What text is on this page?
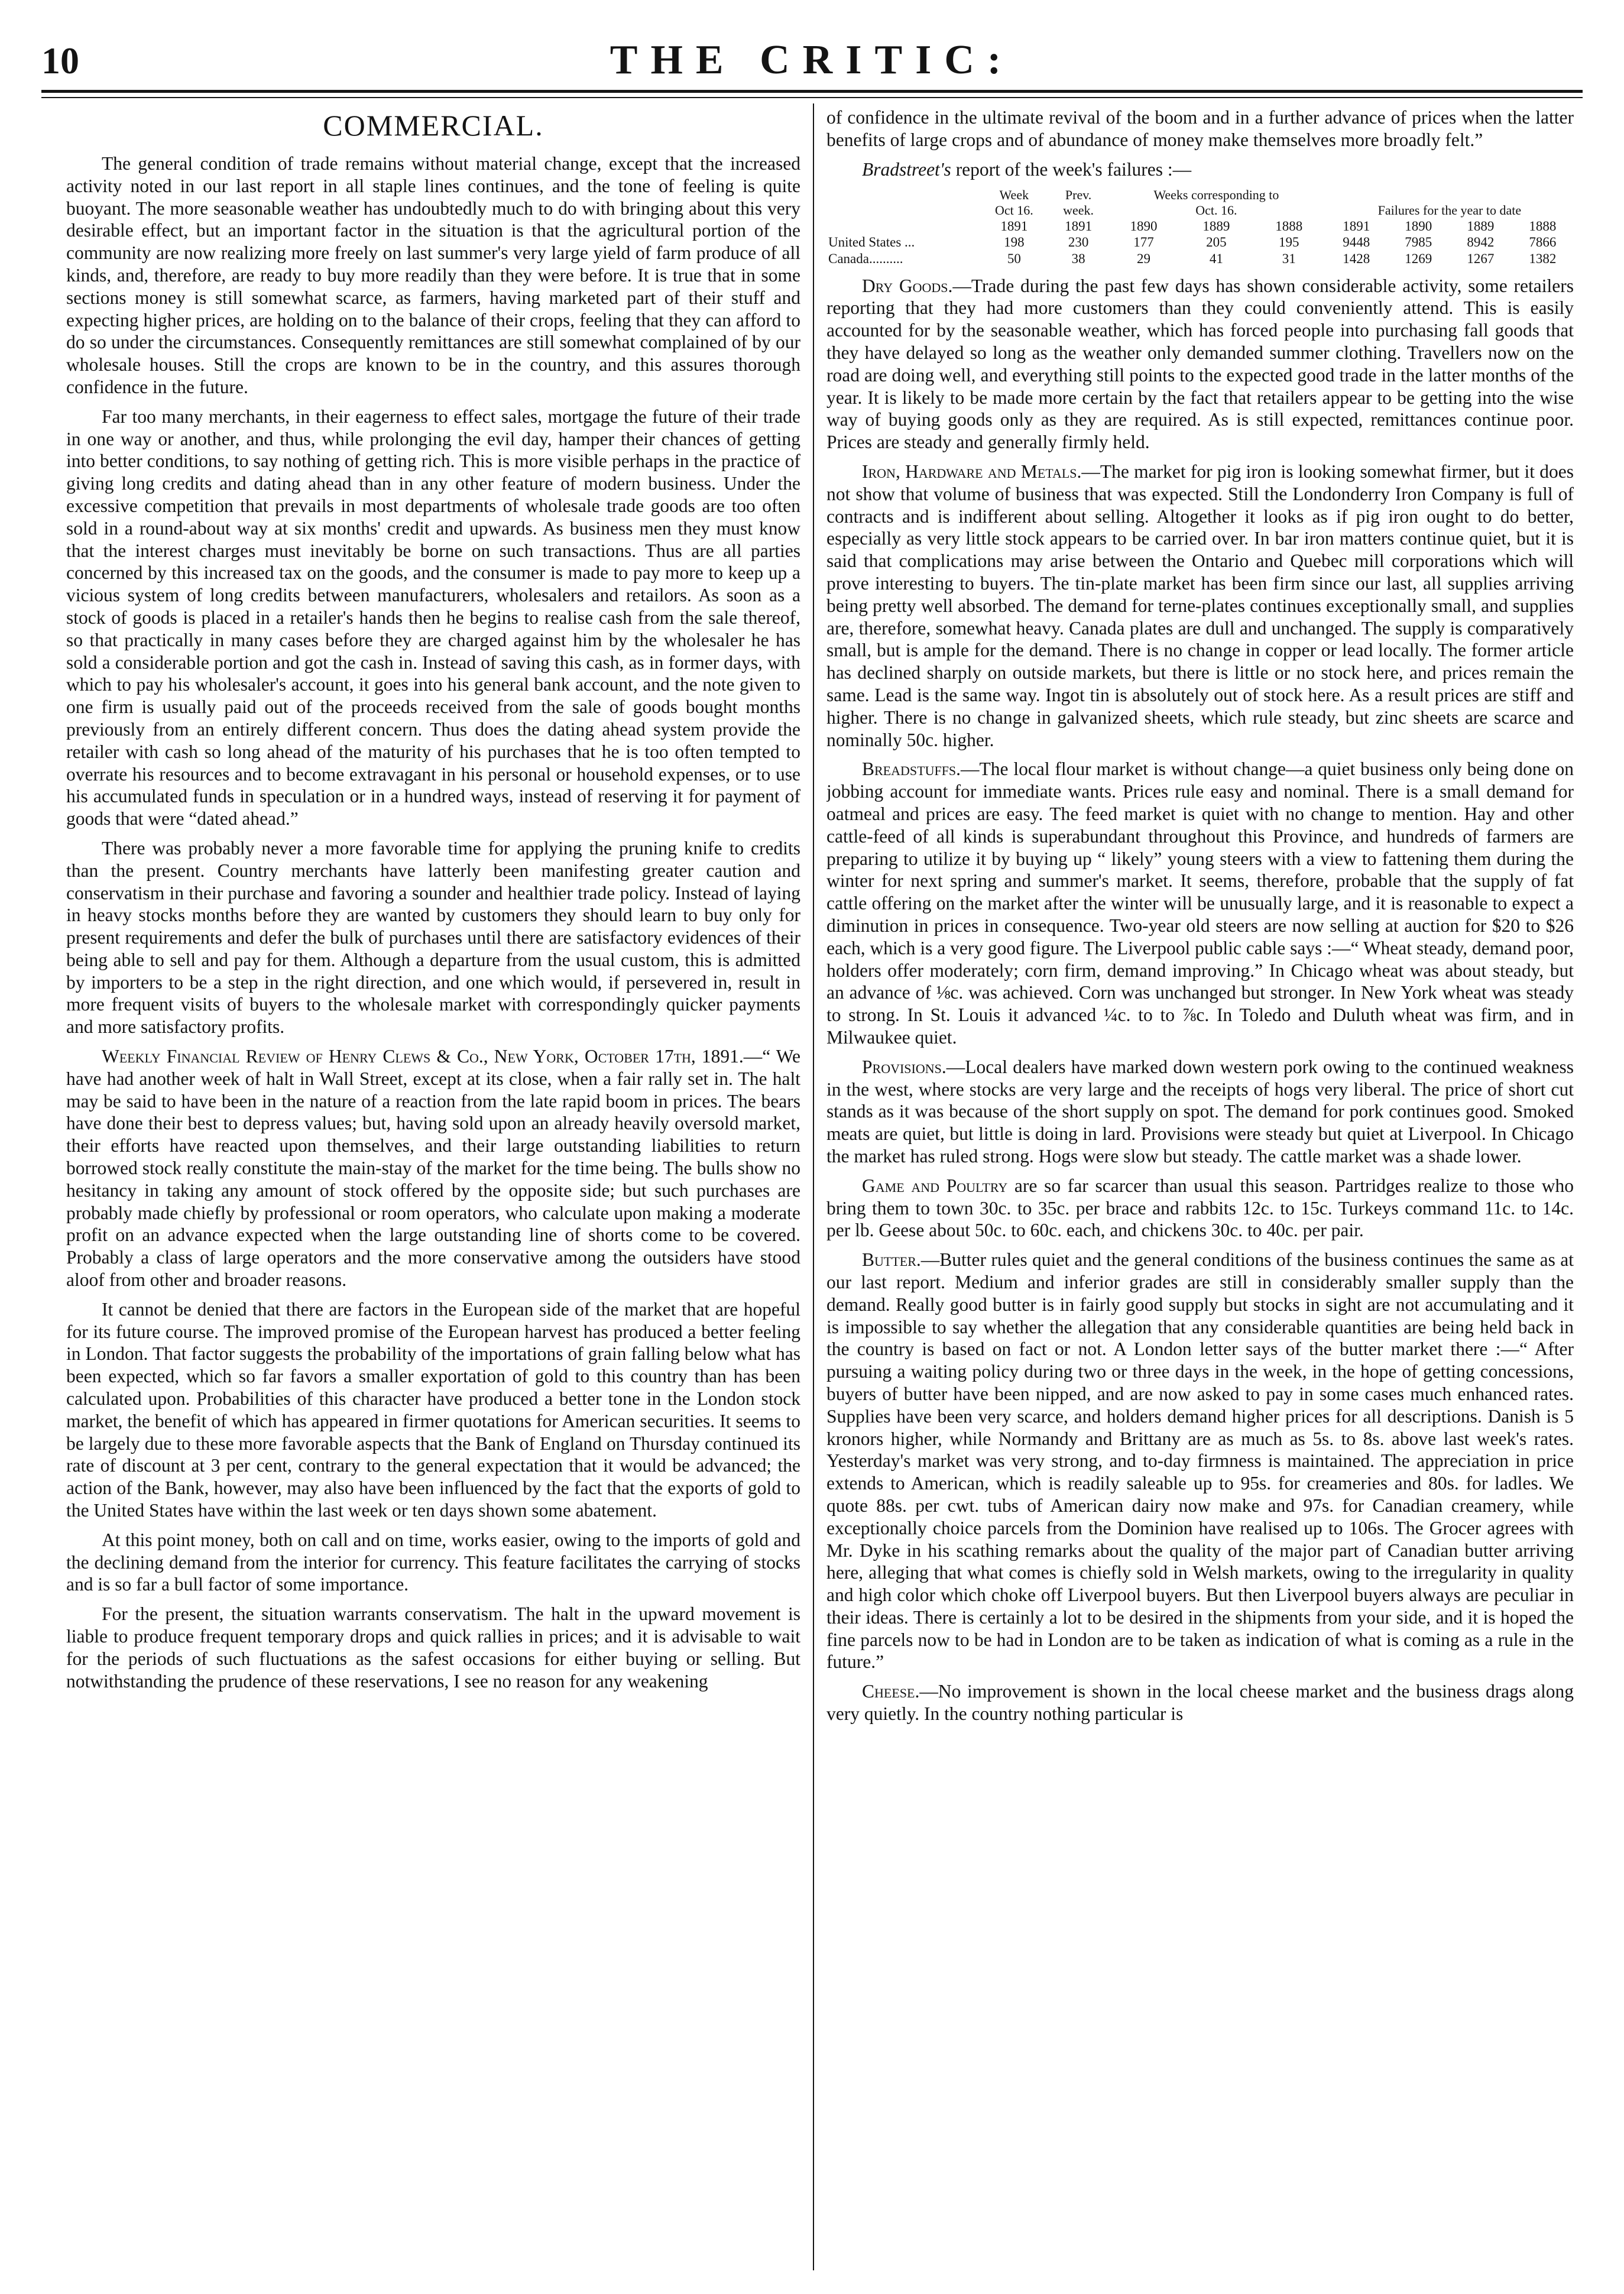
10	THE CRITIC:
COMMERCIAL.

The general condition of trade remains without material change, except that the increased activity noted in our last report in all staple lines continues, and the tone of feeling is quite buoyant. The more seasonable weather has undoubtedly much to do with bringing about this very desirable effect, but an important factor in the situation is that the agricultural portion of the community are now realizing more freely on last summer's very large yield of farm produce of all kinds, and, therefore, are ready to buy more readily than they were before. It is true that in some sections money is still somewhat scarce, as farmers, having marketed part of their stuff and expecting higher prices, are holding on to the balance of their crops, feeling that they can afford to do so under the circumstances. Consequently remittances are still somewhat complained of by our wholesale houses. Still the crops are known to be in the country, and this assures thorough confidence in the future.

Far too many merchants, in their eagerness to effect sales, mortgage the future of their trade in one way or another, and thus, while prolonging the evil day, hamper their chances of getting into better conditions, to say nothing of getting rich. This is more visible perhaps in the practice of giving long credits and dating ahead than in any other feature of modern business. Under the excessive competition that prevails in most departments of wholesale trade goods are too often sold in a round-about way at six months' credit and upwards. As business men they must know that the interest charges must inevitably be borne on such transactions. Thus are all parties concerned by this increased tax on the goods, and the consumer is made to pay more to keep up a vicious system of long credits between manufacturers, wholesalers and retailors. As soon as a stock of goods is placed in a retailer's hands then he begins to realise cash from the sale thereof, so that practically in many cases before they are charged against him by the wholesaler he has sold a considerable portion and got the cash in. Instead of saving this cash, as in former days, with which to pay his wholesaler's account, it goes into his general bank account, and the note given to one firm is usually paid out of the proceeds received from the sale of goods bought months previously from an entirely different concern. Thus does the dating ahead system provide the retailer with cash so long ahead of the maturity of his purchases that he is too often tempted to overrate his resources and to become extravagant in his personal or household expenses, or to use his accumulated funds in speculation or in a hundred ways, instead of reserving it for payment of goods that were “dated ahead.”

There was probably never a more favorable time for applying the pruning knife to credits than the present. Country merchants have latterly been manifesting greater caution and conservatism in their purchase and favoring a sounder and healthier trade policy. Instead of laying in heavy stocks months before they are wanted by customers they should learn to buy only for present requirements and defer the bulk of purchases until there are satisfactory evidences of their being able to sell and pay for them. Although a departure from the usual custom, this is admitted by importers to be a step in the right direction, and one which would, if persevered in, result in more frequent visits of buyers to the wholesale market with correspondingly quicker payments and more satisfactory profits.

Weekly Financial Review of Henry Clews & Co., New York, October 17th, 1891.—“ We have had another week of halt in Wall Street, except at its close, when a fair rally set in. The halt may be said to have been in the nature of a reaction from the late rapid boom in prices. The bears have done their best to depress values; but, having sold upon an already heavily oversold market, their efforts have reacted upon themselves, and their large outstanding liabilities to return borrowed stock really constitute the main-stay of the market for the time being. The bulls show no hesitancy in taking any amount of stock offered by the opposite side; but such purchases are probably made chiefly by professional or room operators, who calculate upon making a moderate profit on an advance expected when the large outstanding line of shorts come to be covered. Probably a class of large operators and the more conservative among the outsiders have stood aloof from other and broader reasons.

It cannot be denied that there are factors in the European side of the market that are hopeful for its future course. The improved promise of the European harvest has produced a better feeling in London. That factor suggests the probability of the importations of grain falling below what has been expected, which so far favors a smaller exportation of gold to this country than has been calculated upon. Probabilities of this character have produced a better tone in the London stock market, the benefit of which has appeared in firmer quotations for American securities. It seems to be largely due to these more favorable aspects that the Bank of England on Thursday continued its rate of discount at 3 per cent, contrary to the general expectation that it would be advanced; the action of the Bank, however, may also have been influenced by the fact that the exports of gold to the United States have within the last week or ten days shown some abatement.

At this point money, both on call and on time, works easier, owing to the imports of gold and the declining demand from the interior for currency. This feature facilitates the carrying of stocks and is so far a bull factor of some importance.

For the present, the situation warrants conservatism. The halt in the upward movement is liable to produce frequent temporary drops and quick rallies in prices; and it is advisable to wait for the periods of such fluctuations as the safest occasions for either buying or selling. But notwithstanding the prudence of these reservations, I see no reason for any weakening

of confidence in the ultimate revival of the boom and in a further advance of prices when the latter benefits of large crops and of abundance of money make themselves more broadly felt.”

Bradstreet's report of the week's failures :—

	Week	Prev.	Weeks corresponding to						
	Oct 16.	week.	Oct. 16.			Failures for the year to date			
	1891	1891	1890	1889	1888	1891	1890	1889	1888
United States ...	198	230	177	205	195	9448	7985	8942	7866
Canada..........	50	38	29	41	31	1428	1269	1267	1382

Dry Goods.—Trade during the past few days has shown considerable activity, some retailers reporting that they had more customers than they could conveniently attend. This is easily accounted for by the seasonable weather, which has forced people into purchasing fall goods that they have delayed so long as the weather only demanded summer clothing. Travellers now on the road are doing well, and everything still points to the expected good trade in the latter months of the year. It is likely to be made more certain by the fact that retailers appear to be getting into the wise way of buying goods only as they are required. As is still expected, remittances continue poor. Prices are steady and generally firmly held.

Iron, Hardware and Metals.—The market for pig iron is looking somewhat firmer, but it does not show that volume of business that was expected. Still the Londonderry Iron Company is full of contracts and is indifferent about selling. Altogether it looks as if pig iron ought to do better, especially as very little stock appears to be carried over. In bar iron matters continue quiet, but it is said that complications may arise between the Ontario and Quebec mill corporations which will prove interesting to buyers. The tin-plate market has been firm since our last, all supplies arriving being pretty well absorbed. The demand for terne-plates continues exceptionally small, and supplies are, therefore, somewhat heavy. Canada plates are dull and unchanged. The supply is comparatively small, but is ample for the demand. There is no change in copper or lead locally. The former article has declined sharply on outside markets, but there is little or no stock here, and prices remain the same. Lead is the same way. Ingot tin is absolutely out of stock here. As a result prices are stiff and higher. There is no change in galvanized sheets, which rule steady, but zinc sheets are scarce and nominally 50c. higher.

Breadstuffs.—The local flour market is without change—a quiet business only being done on jobbing account for immediate wants. Prices rule easy and nominal. There is a small demand for oatmeal and prices are easy. The feed market is quiet with no change to mention. Hay and other cattle-feed of all kinds is superabundant throughout this Province, and hundreds of farmers are preparing to utilize it by buying up “ likely” young steers with a view to fattening them during the winter for next spring and summer's market. It seems, therefore, probable that the supply of fat cattle offering on the market after the winter will be unusually large, and it is reasonable to expect a diminution in prices in consequence. Two-year old steers are now selling at auction for $20 to $26 each, which is a very good figure. The Liverpool public cable says :—“ Wheat steady, demand poor, holders offer moderately; corn firm, demand improving.” In Chicago wheat was about steady, but an advance of ⅛c. was achieved. Corn was unchanged but stronger. In New York wheat was steady to strong. In St. Louis it advanced ¼c. to to ⅞c. In Toledo and Duluth wheat was firm, and in Milwaukee quiet.

Provisions.—Local dealers have marked down western pork owing to the continued weakness in the west, where stocks are very large and the receipts of hogs very liberal. The price of short cut stands as it was because of the short supply on spot. The demand for pork continues good. Smoked meats are quiet, but little is doing in lard. Provisions were steady but quiet at Liverpool. In Chicago the market has ruled strong. Hogs were slow but steady. The cattle market was a shade lower.

Game and Poultry are so far scarcer than usual this season. Partridges realize to those who bring them to town 30c. to 35c. per brace and rabbits 12c. to 15c. Turkeys command 11c. to 14c. per lb. Geese about 50c. to 60c. each, and chickens 30c. to 40c. per pair.

Butter.—Butter rules quiet and the general conditions of the business continues the same as at our last report. Medium and inferior grades are still in considerably smaller supply than the demand. Really good butter is in fairly good supply but stocks in sight are not accumulating and it is impossible to say whether the allegation that any considerable quantities are being held back in the country is based on fact or not. A London letter says of the butter market there :—“ After pursuing a waiting policy during two or three days in the week, in the hope of getting concessions, buyers of butter have been nipped, and are now asked to pay in some cases much enhanced rates. Supplies have been very scarce, and holders demand higher prices for all descriptions. Danish is 5 kronors higher, while Normandy and Brittany are as much as 5s. to 8s. above last week's rates. Yesterday's market was very strong, and to-day firmness is maintained. The appreciation in price extends to American, which is readily saleable up to 95s. for creameries and 80s. for ladles. We quote 88s. per cwt. tubs of American dairy now make and 97s. for Canadian creamery, while exceptionally choice parcels from the Dominion have realised up to 106s. The Grocer agrees with Mr. Dyke in his scathing remarks about the quality of the major part of Canadian butter arriving here, alleging that what comes is chiefly sold in Welsh markets, owing to the irregularity in quality and high color which choke off Liverpool buyers. But then Liverpool buyers always are peculiar in their ideas. There is certainly a lot to be desired in the shipments from your side, and it is hoped the fine parcels now to be had in London are to be taken as indication of what is coming as a rule in the future.”

Cheese.—No improvement is shown in the local cheese market and the business drags along very quietly. In the country nothing particular is
